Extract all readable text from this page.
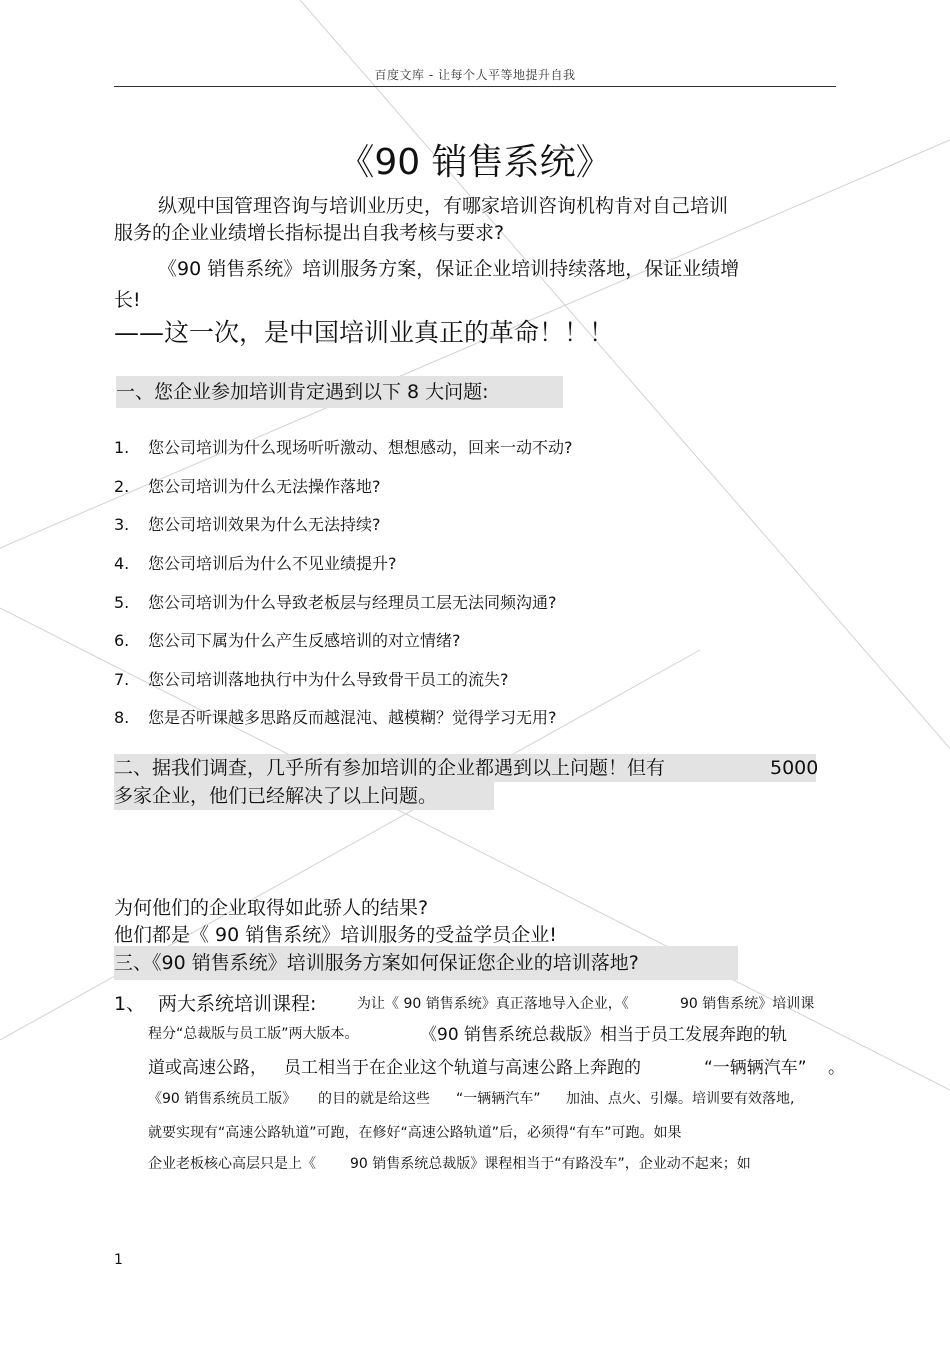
百度文库 - 让每个人平等地提升自我
《90 销售系统》
纵观中国管理咨询与培训业历史，有哪家培训咨询机构肯对自己培训
服务的企业业绩增长指标提出自我考核与要求?
《90 销售系统》培训服务方案，保证企业培训持续落地，保证业绩增
长!
——这一次，是中国培训业真正的革命！！！
一、您企业参加培训肯定遇到以下 8 大问题:
1. 您公司培训为什么现场听听激动、想想感动，回来一动不动?
2. 您公司培训为什么无法操作落地?
3. 您公司培训效果为什么无法持续?
4. 您公司培训后为什么不见业绩提升?
5. 您公司培训为什么导致老板层与经理员工层无法同频沟通?
6. 您公司下属为什么产生反感培训的对立情绪?
7. 您公司培训落地执行中为什么导致骨干员工的流失?
8. 您是否听课越多思路反而越混沌、越模糊？觉得学习无用?
二、据我们调查，几乎所有参加培训的企业都遇到以上问题！但有	5000
多家企业，他们已经解决了以上问题。
为何他们的企业取得如此骄人的结果?
他们都是《 90 销售系统》培训服务的受益学员企业!
三、《90 销售系统》培训服务方案如何保证您企业的培训落地?
1、 两大系统培训课程:	为让《 90 销售系统》真正落地导入企业，《	90 销售系统》培训课
程分“总裁版与员工版”两大版本。	《90 销售系统总裁版》相当于员工发展奔跑的轨
道或高速公路， 员工相当于在企业这个轨道与高速公路上奔跑的	“一辆辆汽车” 。
《90 销售系统员工版》 的目的就是给这些 “一辆辆汽车” 加油、点火、引爆。培训要有效落地,
就要实现有“高速公路轨道”可跑，在修好“高速公路轨道”后，必须得“有车”可跑。如果
企业老板核心高层只是上《 90 销售系统总裁版》课程相当于“有路没车”，企业动不起来；如
1
